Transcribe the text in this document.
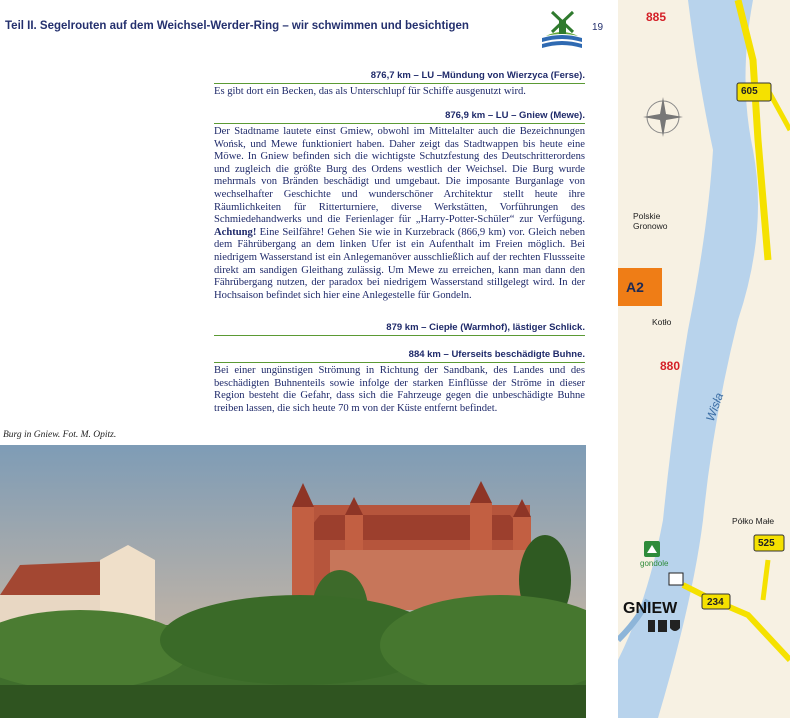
Teil II. Segelrouten auf dem Weichsel-Werder-Ring – wir schwimmen und besichtigen	19
876,7 km – LU –Mündung von Wierzyca (Ferse).

Es gibt dort ein Becken, das als Unterschlupf für Schiffe ausgenutzt wird.

876,9 km – LU – Gniew (Mewe).

Der Stadtname lautete einst Gmiew, obwohl im Mittelalter auch die Bezeichnungen Wońsk, und Mewe funktioniert haben. Daher zeigt das Stadtwappen bis heute eine Möwe. In Gniew befinden sich die wichtigste Schutzfestung des Deutschritterordens und zugleich die größte Burg des Ordens westlich der Weichsel. Die Burg wurde mehrmals von Bränden beschädigt und umgebaut. Die imposante Burganlage von wechselhafter Geschichte und wunderschöner Architektur stellt heute ihre Räumlichkeiten für Ritterturniere, diverse Werkstätten, Vorführungen des Schmiedehandwerks und die Ferienlager für „Harry-Potter-Schüler“ zur Verfügung. Achtung! Eine Seilfähre! Gehen Sie wie in Kurzebrack (866,9 km) vor. Gleich neben dem Fährübergang an dem linken Ufer ist ein Aufenthalt im Freien möglich. Bei niedrigem Wasserstand ist ein Anlegemanöver ausschließlich auf der rechten Flussseite direkt am sandigen Gleithang zulässig. Um Mewe zu erreichen, kann man dann den Fährübergang nutzen, der paradox bei niedrigem Wasserstand stillgelegt wird. In der Hochsaison befindet sich hier eine Anlegestelle für Gondeln.

879 km – Ciepłe (Warmhof), lästiger Schlick.
884 km – Uferseits beschädigte Buhne.

Bei einer ungünstigen Strömung in Richtung der Sandbank, des Landes und des beschädigten Buhnenteils sowie infolge der starken Einflüsse der Ströme in dieser Region besteht die Gefahr, dass sich die Fahrzeuge gegen die unbeschädigte Buhne treiben lassen, die sich heute 70 m von der Küste entfernt befindet.

Burg in Gniew. Fot. M. Opitz.
885
605
Polskie Gronowo
A2
Kotło
880
Wisła
Półko Małe
525
gondole
234
GNIEW
